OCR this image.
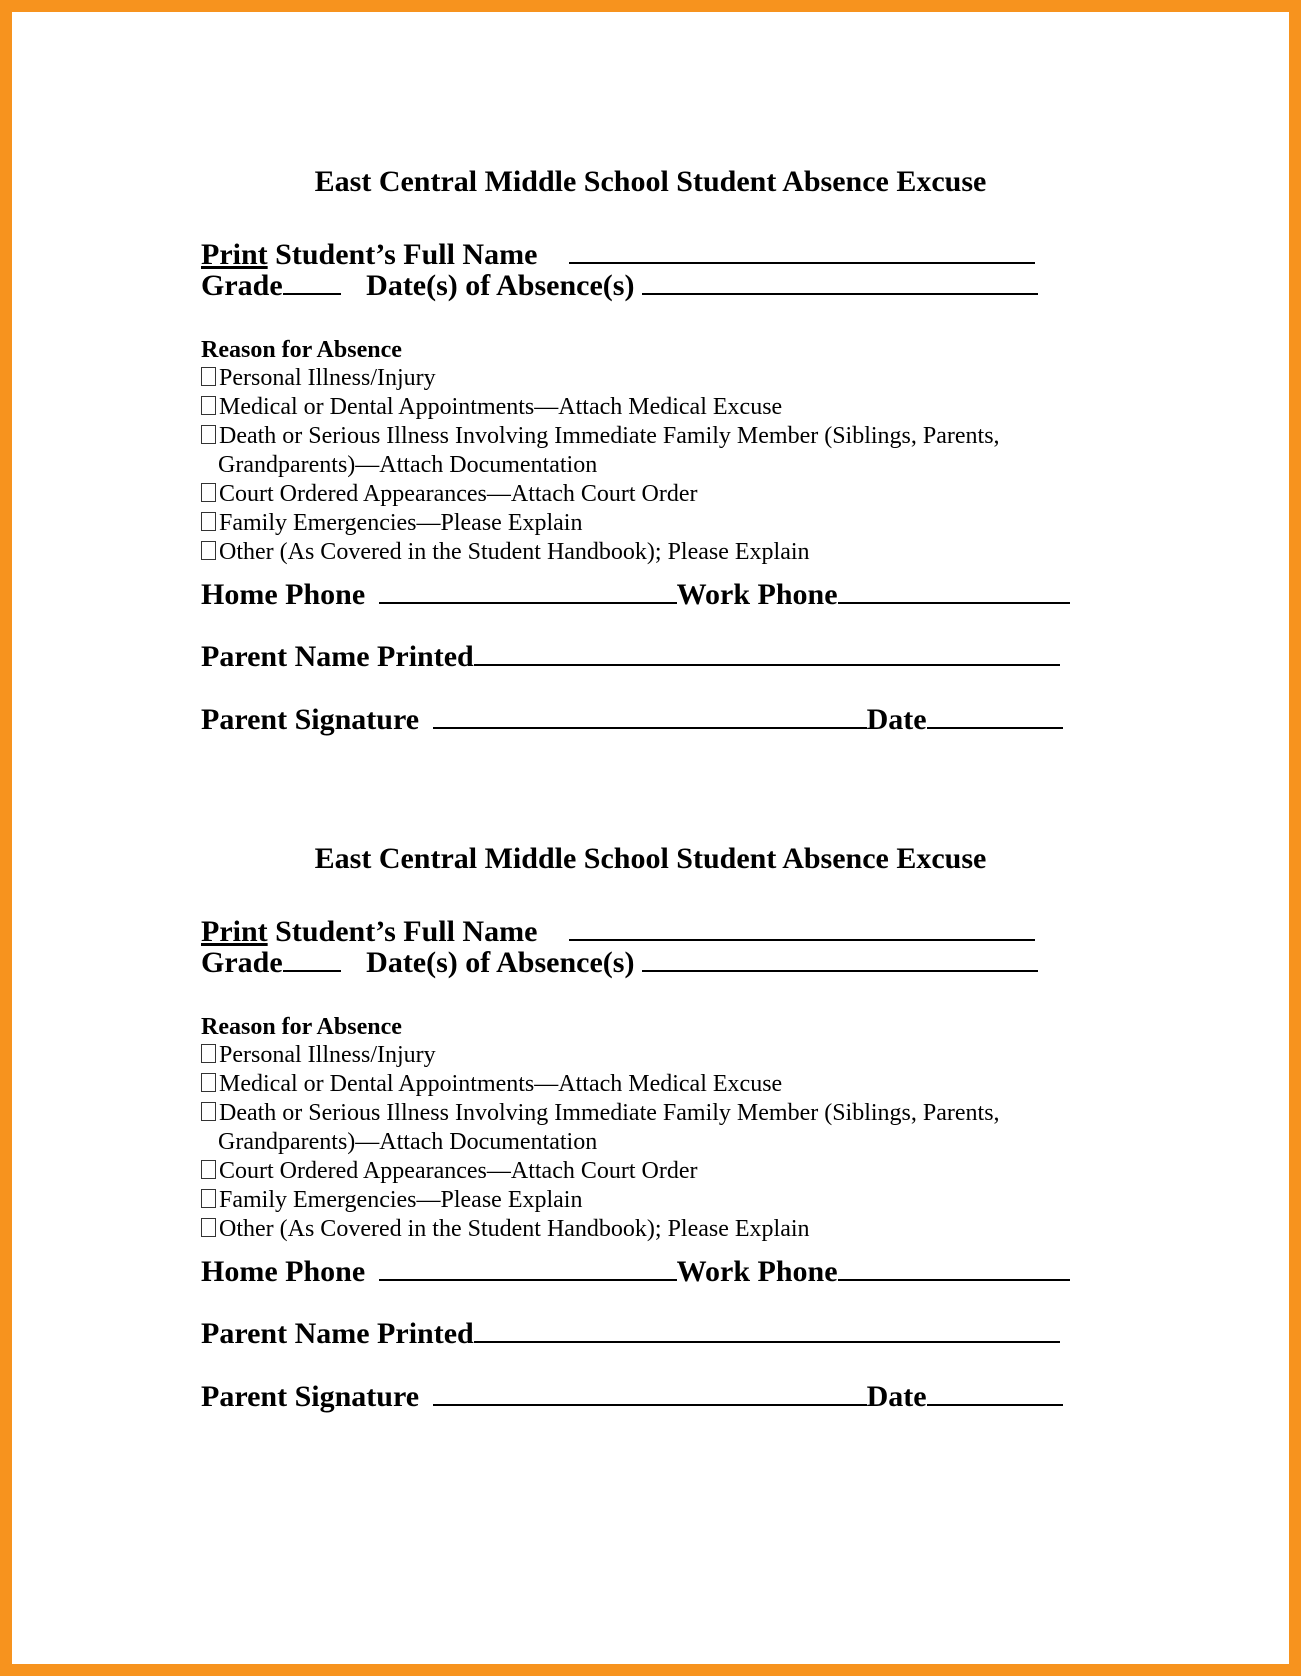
East Central Middle School Student Absence Excuse
Print Student’s Full Name
Grade	Date(s) of Absence(s)
Reason for Absence
Personal Illness/Injury
Medical or Dental Appointments—Attach Medical Excuse
Death or Serious Illness Involving Immediate Family Member (Siblings, Parents,
Grandparents)—Attach Documentation
Court Ordered Appearances—Attach Court Order
Family Emergencies—Please Explain
Other (As Covered in the Student Handbook); Please Explain
Home Phone	Work Phone
Parent Name Printed
Parent Signature	Date
East Central Middle School Student Absence Excuse
Print Student’s Full Name
Grade	Date(s) of Absence(s)
Reason for Absence
Personal Illness/Injury
Medical or Dental Appointments—Attach Medical Excuse
Death or Serious Illness Involving Immediate Family Member (Siblings, Parents,
Grandparents)—Attach Documentation
Court Ordered Appearances—Attach Court Order
Family Emergencies—Please Explain
Other (As Covered in the Student Handbook); Please Explain
Home Phone	Work Phone
Parent Name Printed
Parent Signature	Date
